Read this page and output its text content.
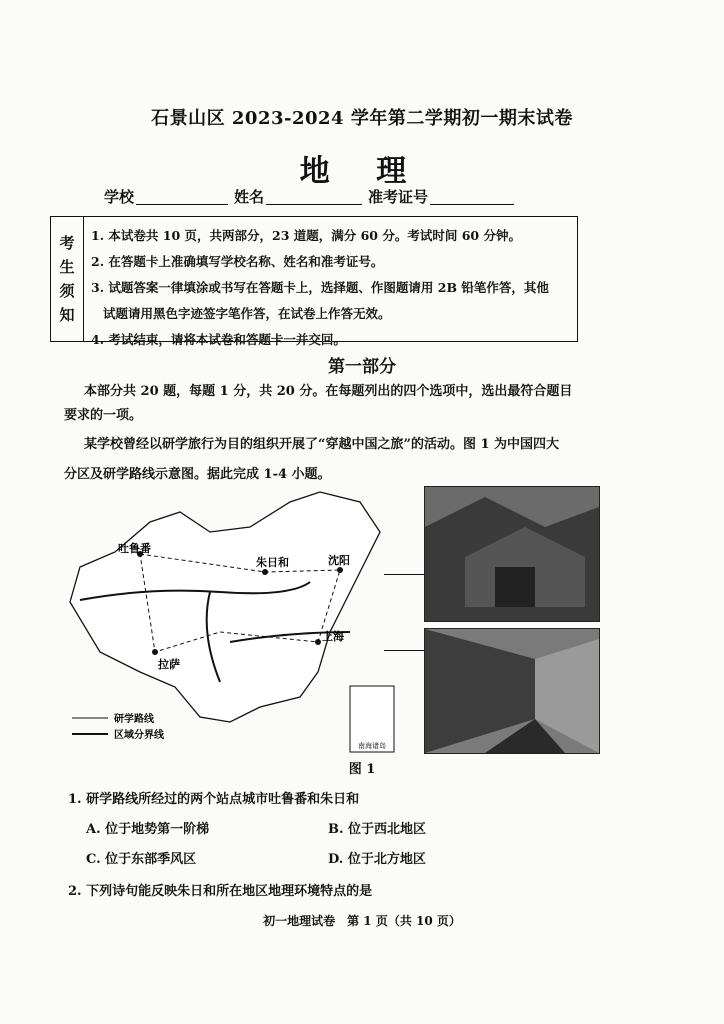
石景山区 2023-2024 学年第二学期初一期末试卷
地 理
学校	姓名	准考证号
考
生
须
知
1. 本试卷共 10 页，共两部分，23 道题，满分 60 分。考试时间 60 分钟。
2. 在答题卡上准确填写学校名称、姓名和准考证号。
3. 试题答案一律填涂或书写在答题卡上，选择题、作图题请用 2B 铅笔作答，其他
试题请用黑色字迹签字笔作答，在试卷上作答无效。
4. 考试结束，请将本试卷和答题卡一并交回。
第一部分
本部分共 20 题，每题 1 分，共 20 分。在每题列出的四个选项中，选出最符合题目
要求的一项。
某学校曾经以研学旅行为目的组织开展了“穿越中国之旅”的活动。图 1 为中国四大
分区及研学路线示意图。据此完成 1-4 小题。
吐鲁番
拉萨
朱日和	沈阳
上海
研学路线
区域分界线
南海诸岛
图 1
1. 研学路线所经过的两个站点城市吐鲁番和朱日和
A. 位于地势第一阶梯	B. 位于西北地区
C. 位于东部季风区	D. 位于北方地区
2. 下列诗句能反映朱日和所在地区地理环境特点的是
初一地理试卷　第 1 页（共 10 页）
